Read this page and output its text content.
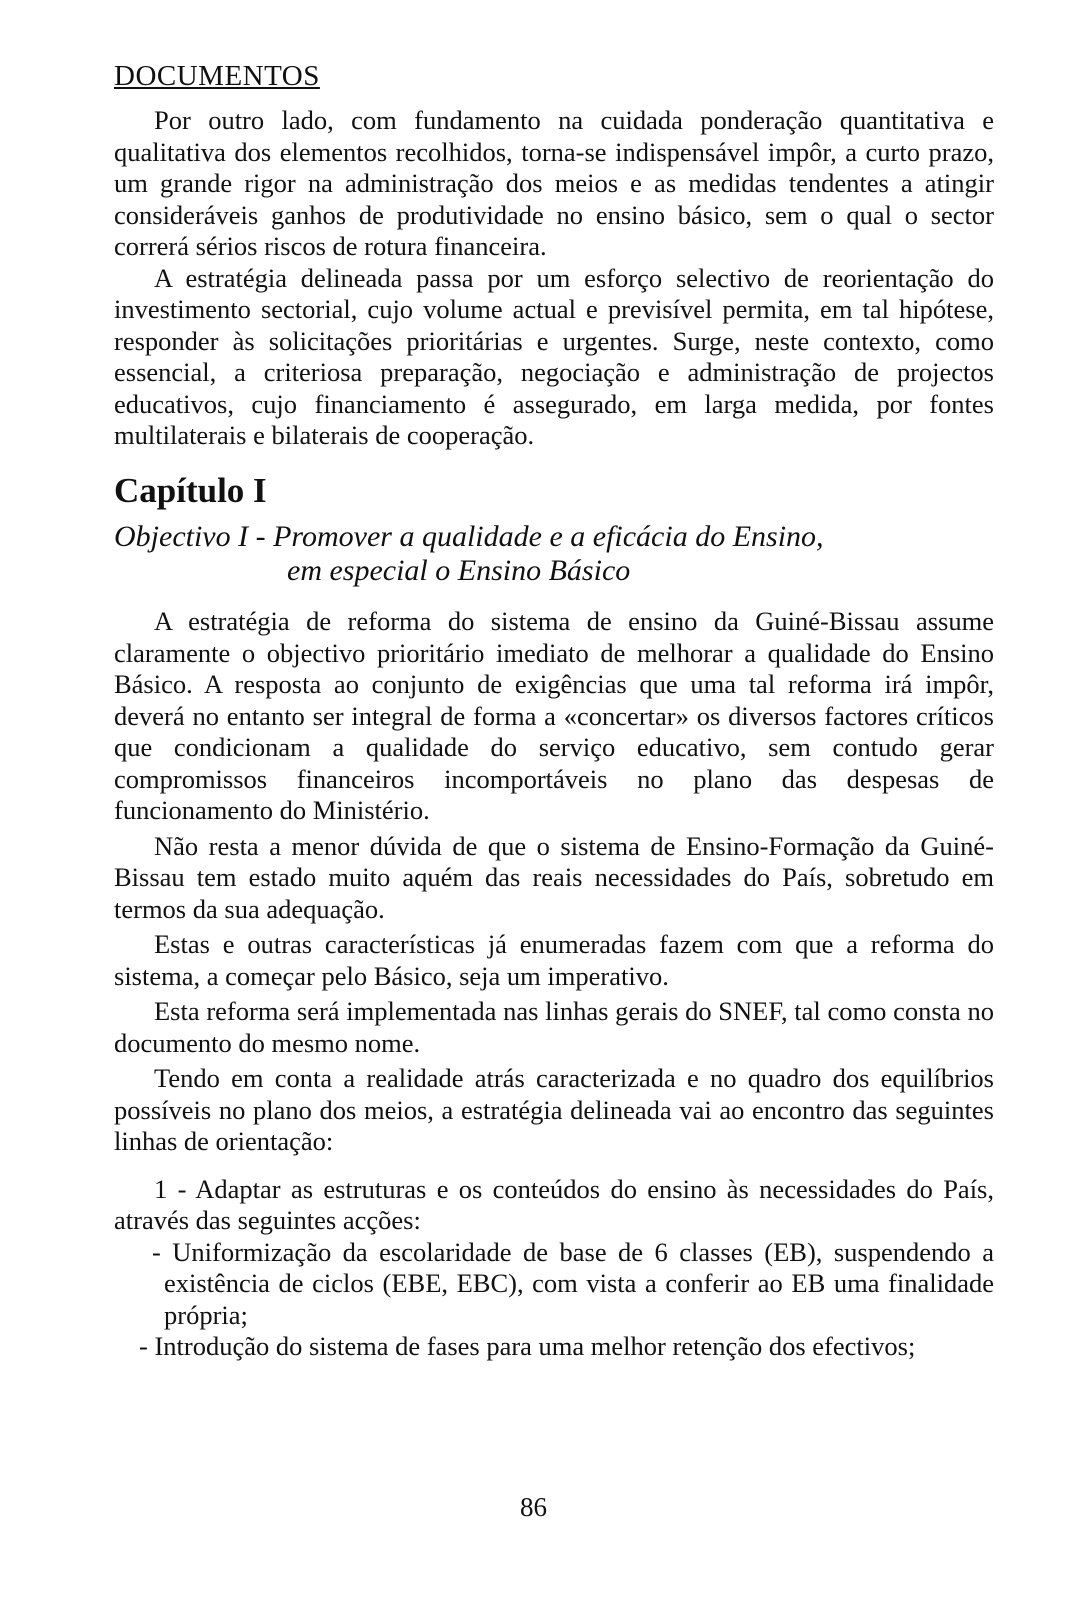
DOCUMENTOS

Por outro lado, com fundamento na cuidada ponderação quantitativa e qualitativa dos elementos recolhidos, torna-se indispensável impôr, a curto prazo, um grande rigor na administração dos meios e as medidas tendentes a atingir consideráveis ganhos de produtividade no ensino básico, sem o qual o sector correrá sérios riscos de rotura financeira.

A estratégia delineada passa por um esforço selectivo de reorientação do investimento sectorial, cujo volume actual e previsível permita, em tal hipótese, responder às solicitações prioritárias e urgentes. Surge, neste contexto, como essencial, a criteriosa preparação, negociação e administração de projectos educativos, cujo financiamento é assegurado, em larga medida, por fontes multilaterais e bilaterais de cooperação.

Capítulo I
Objectivo I - Promover a qualidade e a eficácia do Ensino,
em especial o Ensino Básico

A estratégia de reforma do sistema de ensino da Guiné-Bissau assume claramente o objectivo prioritário imediato de melhorar a qualidade do Ensino Básico. A resposta ao conjunto de exigências que uma tal reforma irá impôr, deverá no entanto ser integral de forma a «concertar» os diversos factores críticos que condicionam a qualidade do serviço educativo, sem contudo gerar compromissos financeiros incomportáveis no plano das despesas de funcionamento do Ministério.

Não resta a menor dúvida de que o sistema de Ensino-Formação da Guiné-Bissau tem estado muito aquém das reais necessidades do País, sobretudo em termos da sua adequação.

Estas e outras características já enumeradas fazem com que a reforma do sistema, a começar pelo Básico, seja um imperativo.

Esta reforma será implementada nas linhas gerais do SNEF, tal como consta no documento do mesmo nome.

Tendo em conta a realidade atrás caracterizada e no quadro dos equilíbrios possíveis no plano dos meios, a estratégia delineada vai ao encontro das seguintes linhas de orientação:

1 - Adaptar as estruturas e os conteúdos do ensino às necessidades do País, através das seguintes acções:

- Uniformização da escolaridade de base de 6 classes (EB), suspendendo a existência de ciclos (EBE, EBC), com vista a conferir ao EB uma finalidade própria;

- Introdução do sistema de fases para uma melhor retenção dos efectivos;

86
